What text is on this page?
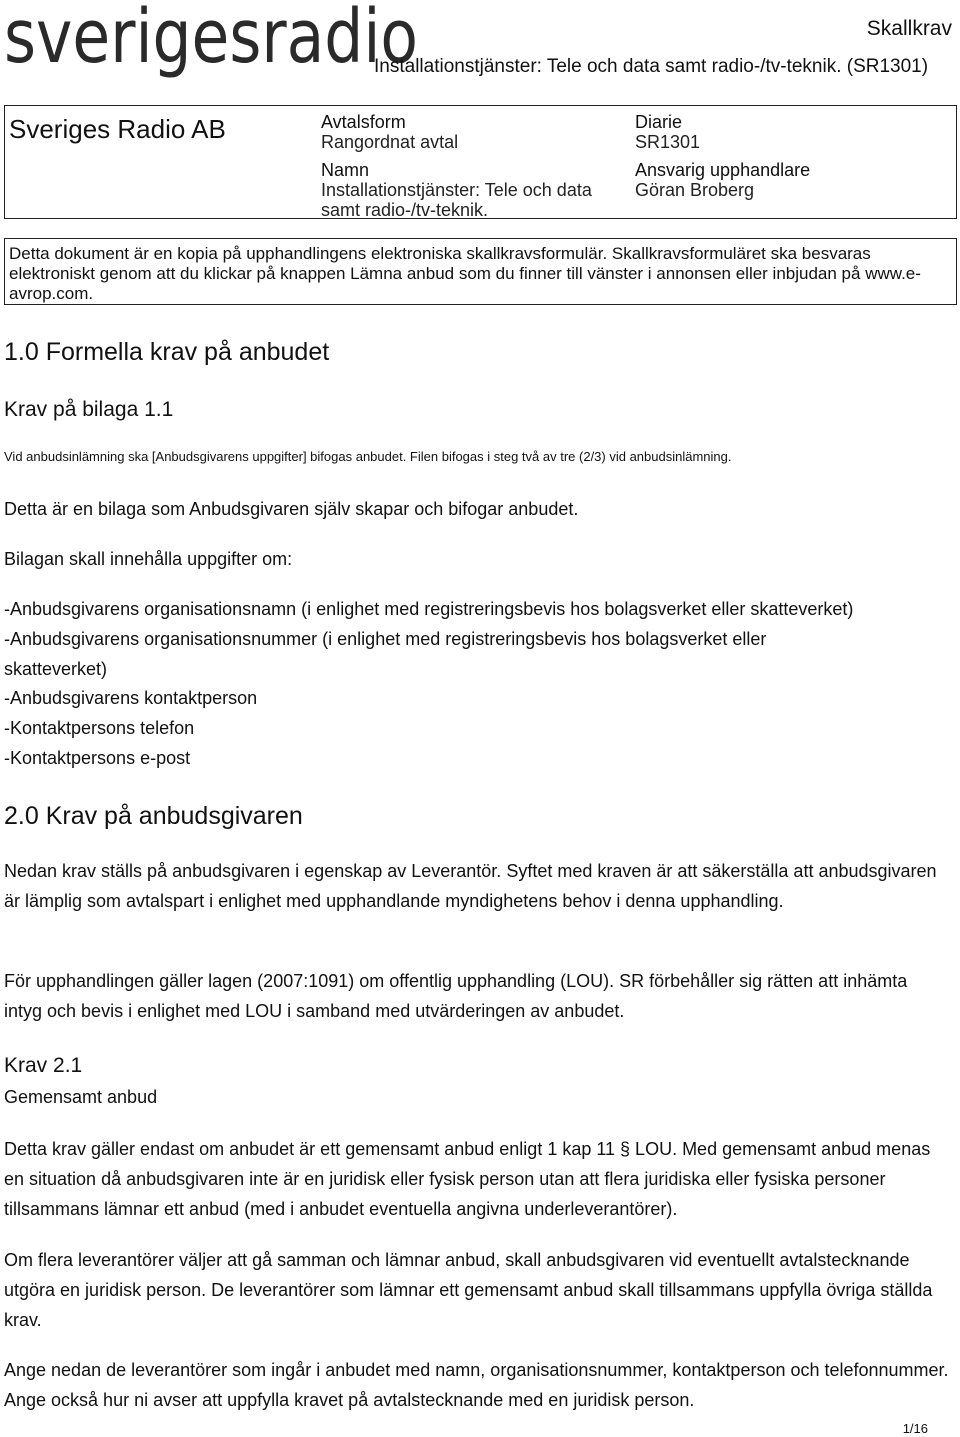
sverigesradio	Skallkrav
Installationstjänster: Tele och data samt radio-/tv-teknik. (SR1301)
Sveriges Radio AB	Avtalsform
Rangordnat avtal
Namn
Installationstjänster: Tele och data
samt radio-/tv-teknik.
Diarie
SR1301
Ansvarig upphandlare
Göran Broberg
Detta dokument är en kopia på upphandlingens elektroniska skallkravsformulär. Skallkravsformuläret ska besvaras elektroniskt genom att du klickar på knappen Lämna anbud som du finner till vänster i annonsen eller inbjudan på www.e-avrop.com.
1.0 Formella krav på anbudet
Krav på bilaga 1.1
Vid anbudsinlämning ska [Anbudsgivarens uppgifter] bifogas anbudet. Filen bifogas i steg två av tre (2/3) vid anbudsinlämning.
Detta är en bilaga som Anbudsgivaren själv skapar och bifogar anbudet.
Bilagan skall innehålla uppgifter om:
-Anbudsgivarens organisationsnamn (i enlighet med registreringsbevis hos bolagsverket eller skatteverket)
-Anbudsgivarens organisationsnummer (i enlighet med registreringsbevis hos bolagsverket eller skatteverket)
-Anbudsgivarens kontaktperson
-Kontaktpersons telefon
-Kontaktpersons e-post
2.0 Krav på anbudsgivaren
Nedan krav ställs på anbudsgivaren i egenskap av Leverantör. Syftet med kraven är att säkerställa att anbudsgivaren är lämplig som avtalspart i enlighet med upphandlande myndighetens behov i denna upphandling.
För upphandlingen gäller lagen (2007:1091) om offentlig upphandling (LOU). SR förbehåller sig rätten att inhämta intyg och bevis i enlighet med LOU i samband med utvärderingen av anbudet.
Krav 2.1
Gemensamt anbud
Detta krav gäller endast om anbudet är ett gemensamt anbud enligt 1 kap 11 § LOU. Med gemensamt anbud menas en situation då anbudsgivaren inte är en juridisk eller fysisk person utan att flera juridiska eller fysiska personer tillsammans lämnar ett anbud (med i anbudet eventuella angivna underleverantörer).
Om flera leverantörer väljer att gå samman och lämnar anbud, skall anbudsgivaren vid eventuellt avtalstecknande utgöra en juridisk person. De leverantörer som lämnar ett gemensamt anbud skall tillsammans uppfylla övriga ställda krav.
Ange nedan de leverantörer som ingår i anbudet med namn, organisationsnummer, kontaktperson och telefonnummer. Ange också hur ni avser att uppfylla kravet på avtalstecknande med en juridisk person.
1/16
